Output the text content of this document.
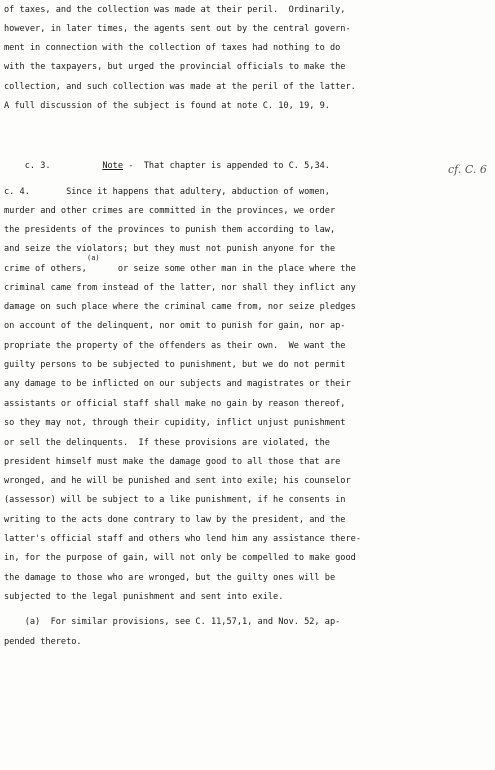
of taxes, and the collection was made at their peril.  Ordinarily,
however, in later times, the agents sent out by the central govern-
ment in connection with the collection of taxes had nothing to do
with the taxpayers, but urged the provincial officials to make the
collection, and such collection was made at the peril of the latter.
A full discussion of the subject is found at note C. 10, 19, 9.

c. 3.	Note -  That chapter is appended to C. 5,34.
	cf. C. 6
c. 4.       Since it happens that adultery, abduction of women,
murder and other crimes are committed in the provinces, we order
the presidents of the provinces to punish them according to law,
and seize the violators; but they must not punish anyone for the
crime of others,      or seize some other man in the place where the
(a)
criminal came from instead of the latter, nor shall they inflict any
damage on such place where the criminal came from, nor seize pledges
on account of the delinquent, nor omit to punish for gain, nor ap-
propriate the property of the offenders as their own.  We want the
guilty persons to be subjected to punishment, but we do not permit
any damage to be inflicted on our subjects and magistrates or their
assistants or official staff shall make no gain by reason thereof,
so they may not, through their cupidity, inflict unjust punishment
or sell the delinquents.  If these provisions are violated, the
president himself must make the damage good to all those that are
wronged, and he will be punished and sent into exile; his counselor
(assessor) will be subject to a like punishment, if he consents in
writing to the acts done contrary to law by the president, and the
latter's official staff and others who lend him any assistance there-
in, for the purpose of gain, will not only be compelled to make good
the damage to those who are wronged, but the guilty ones will be
subjected to the legal punishment and sent into exile.
(a)  For similar provisions, see C. 11,57,1, and Nov. 52, ap-
pended thereto.
